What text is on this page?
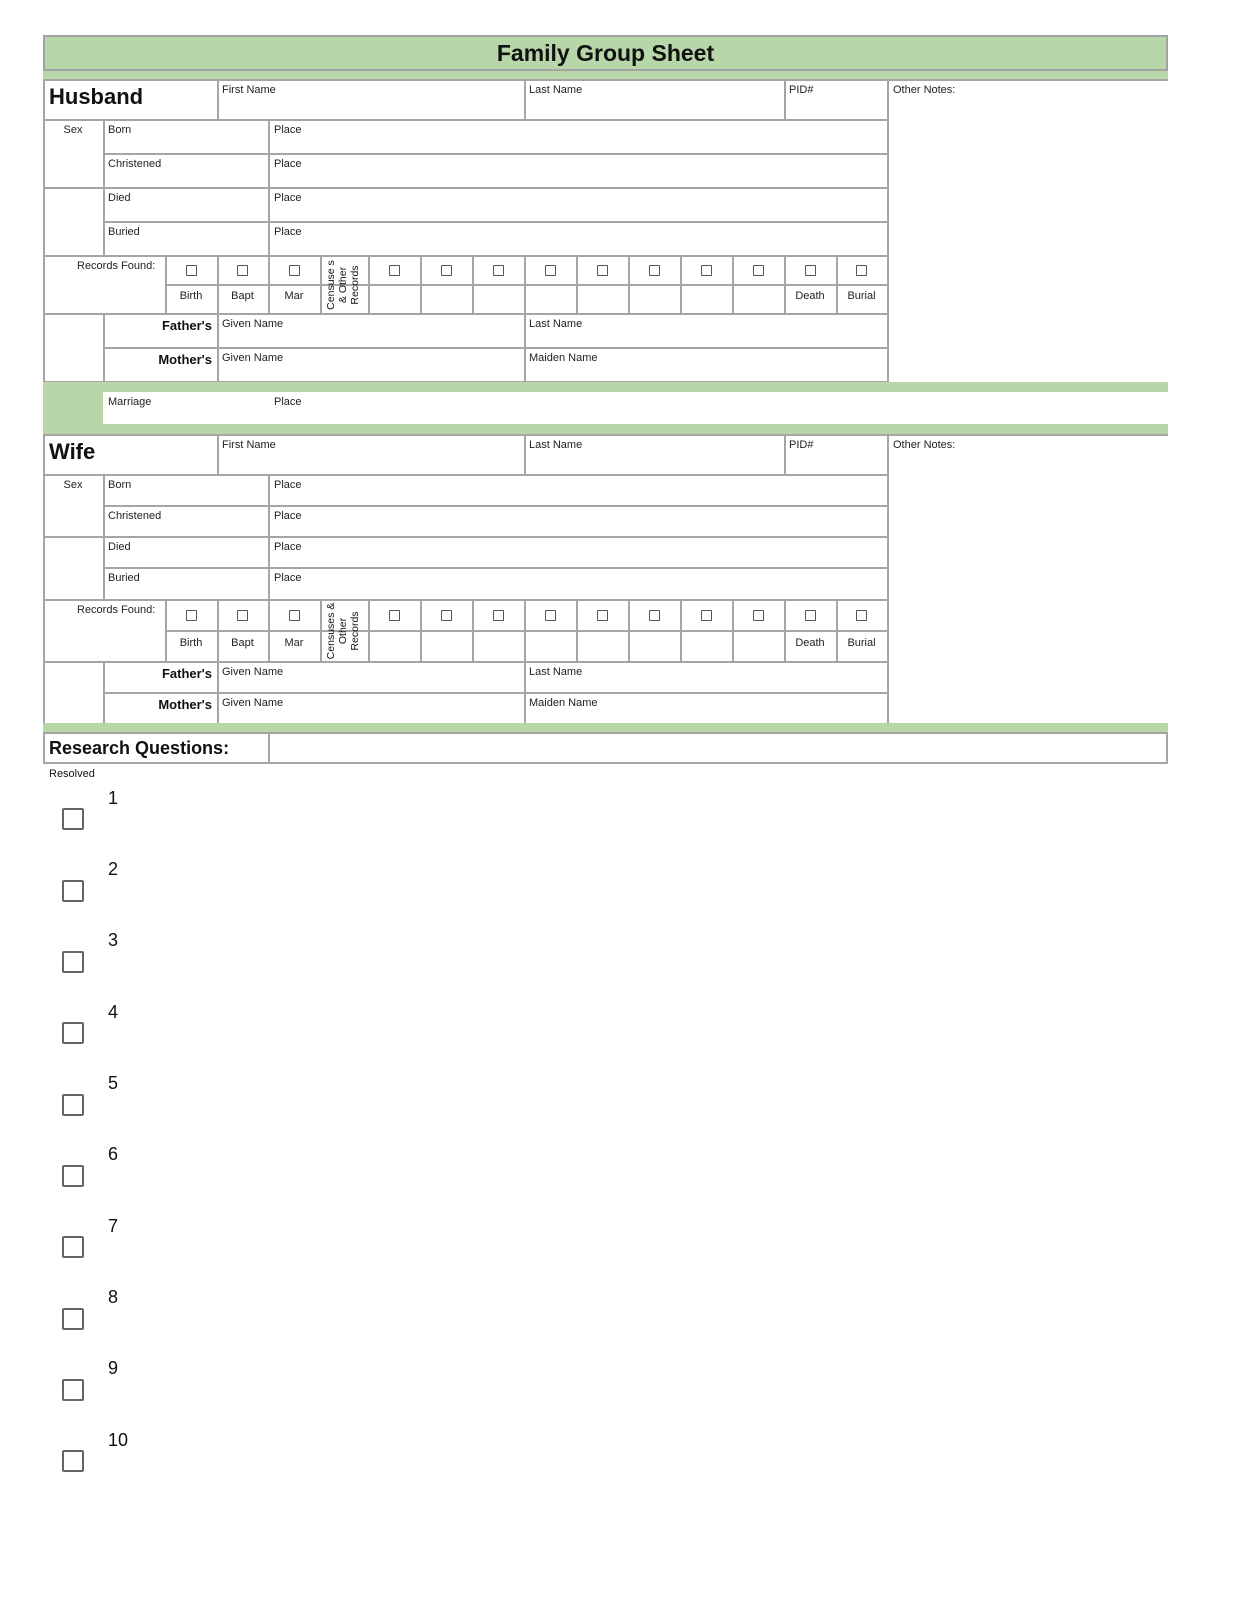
Family Group Sheet
Husband	First Name	Last Name	PID#	Other Notes:
Sex	Born	Place
Christened	Place
Died	Place
Buried	Place
Records Found:
Birth	Bapt	Mar	Censuse s & Other Records	Death	Burial
Father's Given Name	Last Name
Mother's Given Name	Maiden Name
Marriage	Place
Wife	First Name	Last Name	PID#	Other Notes:
Sex	Born	Place
Christened	Place
Died	Place
Buried	Place
Records Found:
Birth	Bapt	Mar	Censuses & Other Records	Death	Burial
Father's Given Name	Last Name
Mother's Given Name	Maiden Name
Research Questions:
Resolved
1
2
3
4
5
6
7
8
9
10
